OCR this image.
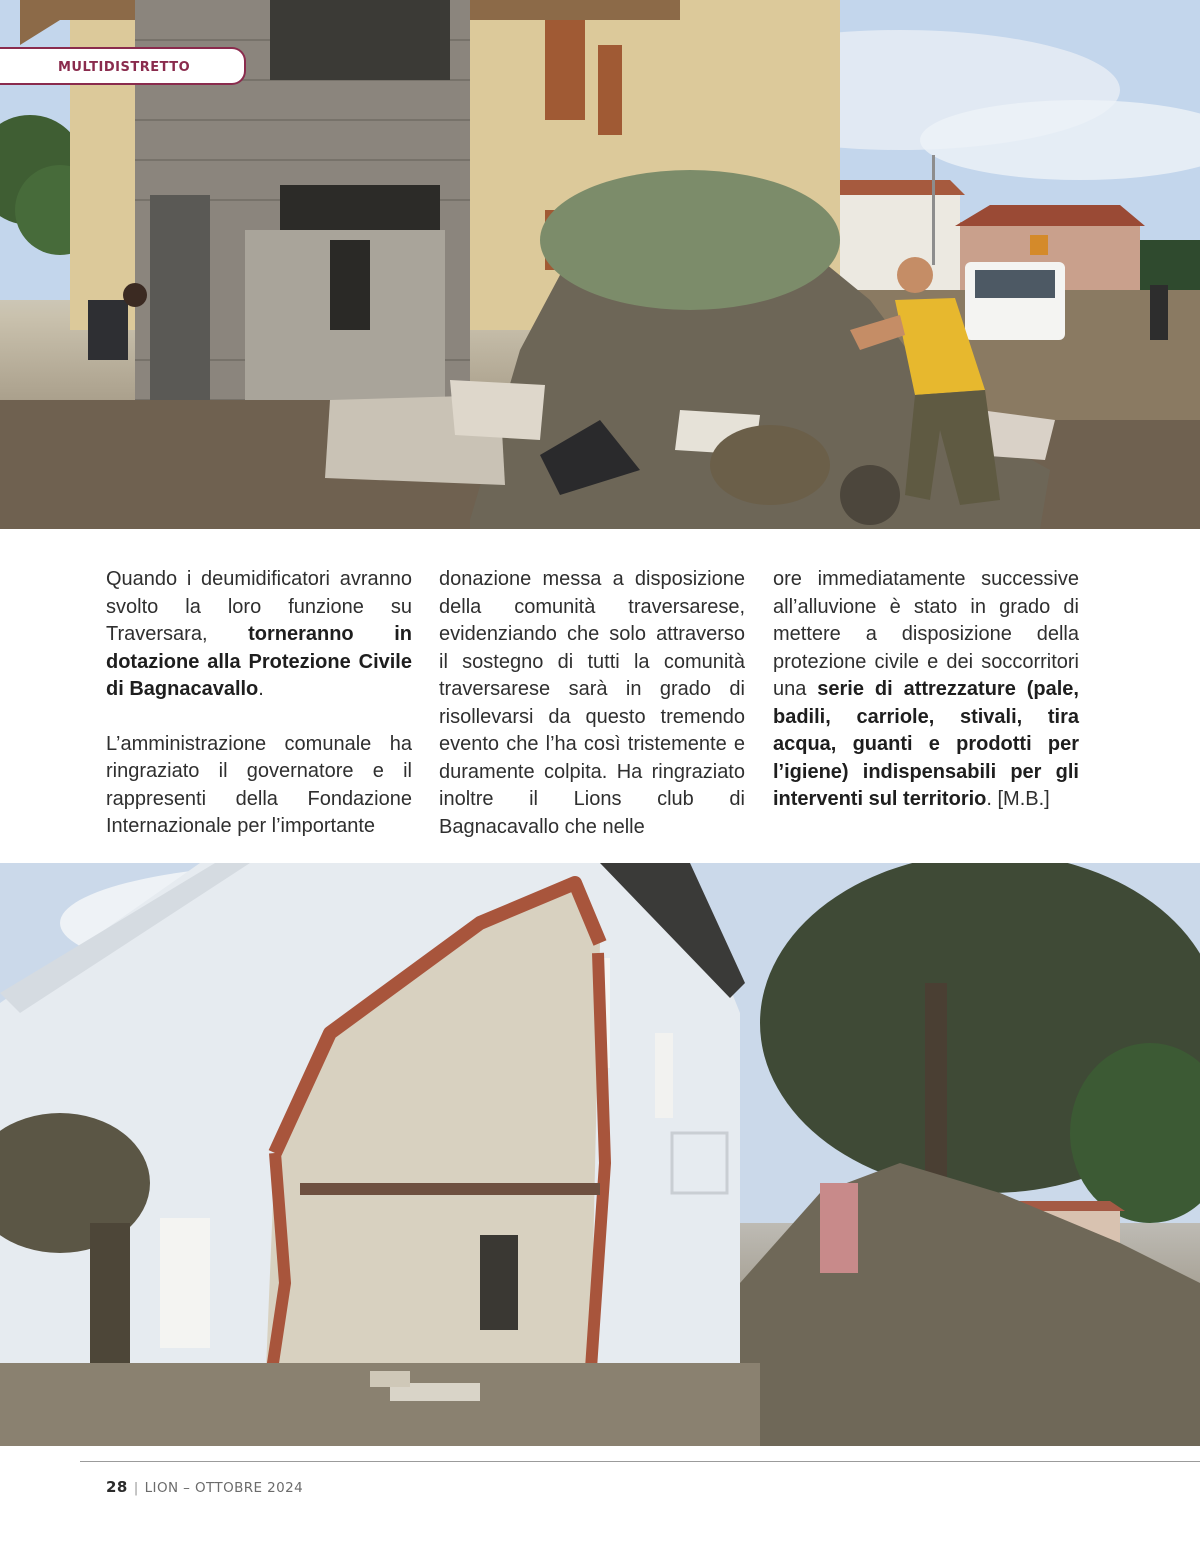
MULTIDISTRETTO

Quando i deumidificatori avranno svolto la loro funzione su Traversara, torneranno in dotazione alla Protezione Civile di Bagnacavallo.

L’amministrazione comunale ha ringraziato il governatore e il rappresenti della Fondazione Internazionale per l’importante

donazione messa a disposizione della comunità traversarese, evidenziando che solo attraverso il sostegno di tutti la comunità traversarese sarà in grado di risollevarsi da questo tremendo evento che l’ha così tristemente e duramente colpita. Ha ringraziato inoltre il Lions club di Bagnacavallo che nelle

ore immediatamente successive all’alluvione è stato in grado di mettere a disposizione della protezione civile e dei soccorritori una serie di attrezzature (pale, badili, carriole, stivali, tira acqua, guanti e prodotti per l’igiene) indispensabili per gli interventi sul territorio. [M.B.]

28 | LION – OTTOBRE 2024
